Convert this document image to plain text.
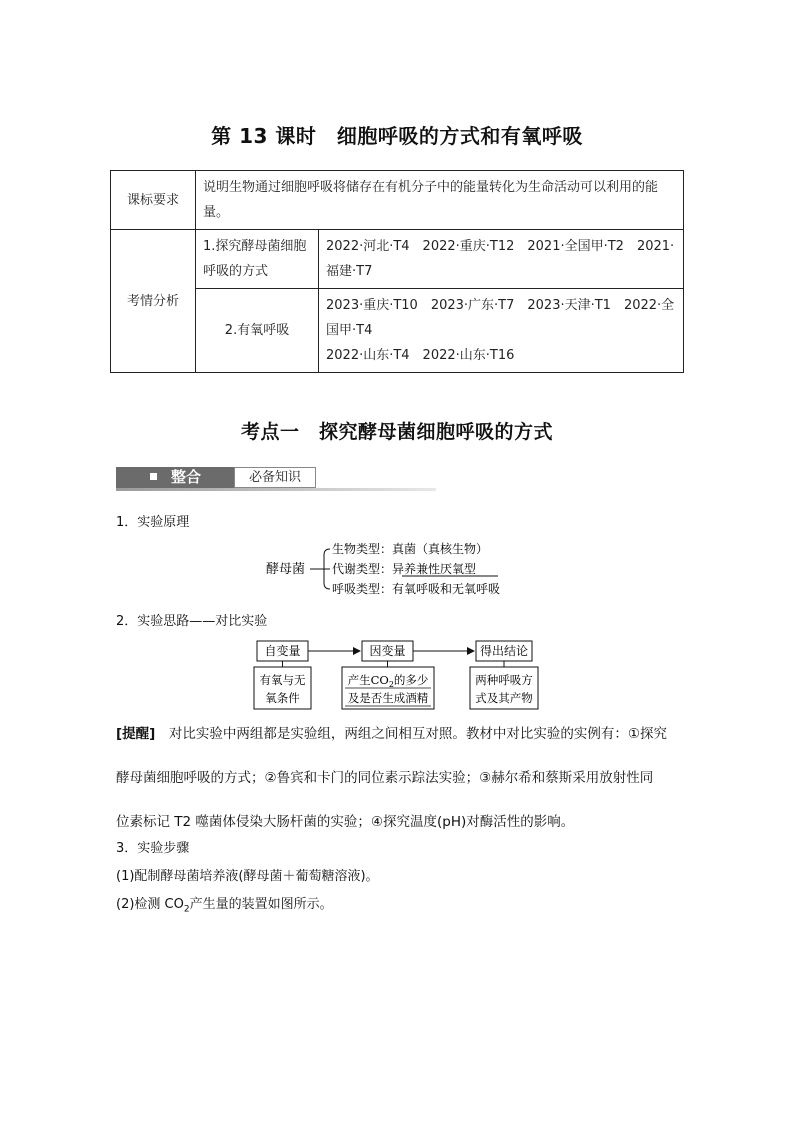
第 13 课时　细胞呼吸的方式和有氧呼吸
课标要求	说明生物通过细胞呼吸将储存在有机分子中的能量转化为生命活动可以利用的能量。	
考情分析	1.探究酵母菌细胞呼吸的方式	2022·河北·T4　2022·重庆·T12　2021·全国甲·T2　2021·福建·T7
	2.有氧呼吸	2023·重庆·T10　2023·广东·T7　2023·天津·T1　2022·全国甲·T4
2022·山东·T4　2022·山东·T16
考点一　探究酵母菌细胞呼吸的方式
整合	必备知识
1．实验原理
酵母菌
生物类型：真菌（真核生物）
代谢类型：异养兼性厌氧型
呼吸类型：有氧呼吸和无氧呼吸
2．实验思路——对比实验
自变量	因变量	得出结论
有氧与无
氧条件
产生$CO_2$的多少
及是否生成酒精
两种呼吸方
式及其产物
[提醒]  对比实验中两组都是实验组，两组之间相互对照。教材中对比实验的实例有：①探究
酵母菌细胞呼吸的方式；②鲁宾和卡门的同位素示踪法实验；③赫尔希和蔡斯采用放射性同
位素标记 T2 噬菌体侵染大肠杆菌的实验；④探究温度(pH)对酶活性的影响。
3．实验步骤
(1)配制酵母菌培养液(酵母菌＋葡萄糖溶液)。
(2)检测 $CO_2$产生量的装置如图所示。
